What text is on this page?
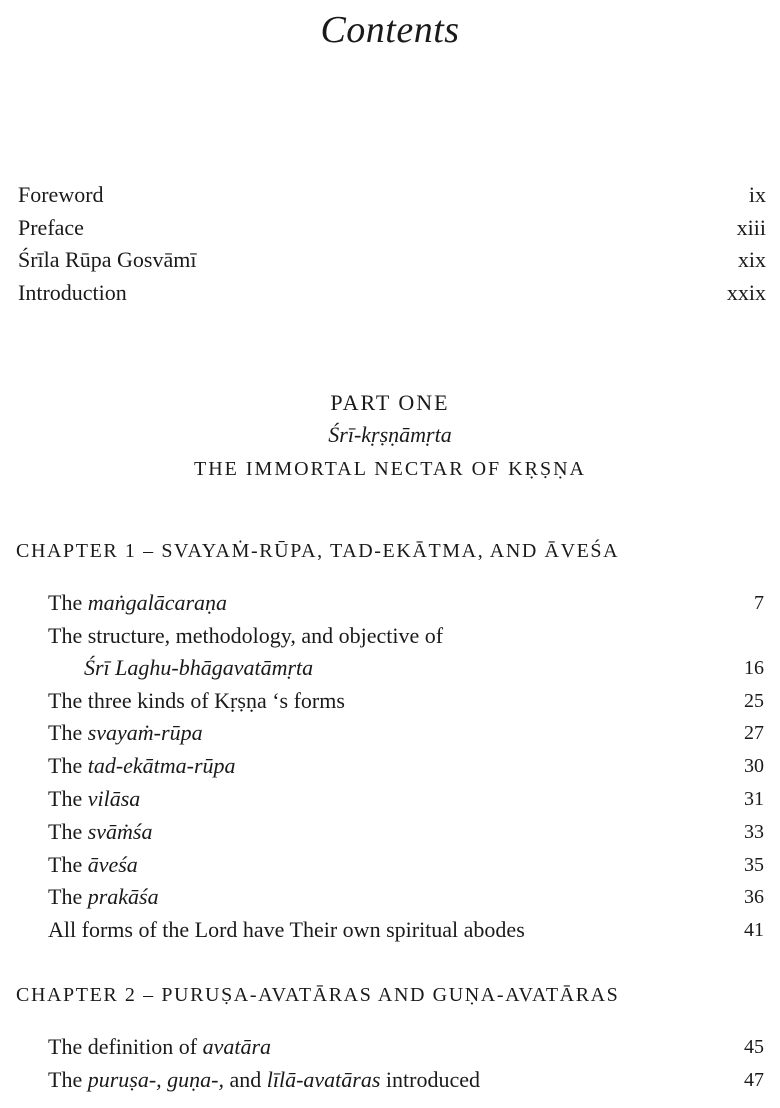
Contents
Foreword	ix
Preface	xiii
Śrīla Rūpa Gosvāmī	xix
Introduction	xxix
PART ONE
Śrī-kṛṣṇāmṛta
THE IMMORTAL NECTAR OF KṚṢṆA
CHAPTER 1 – SVAYAṀ-RŪPA, TAD-EKĀTMA, AND ĀVEŚA
The maṅgalācaraṇa	7
The structure, methodology, and objective of
Śrī Laghu-bhāgavatāmṛta	16
The three kinds of Kṛṣṇa ‘s forms	25
The svayaṁ-rūpa	27
The tad-ekātma-rūpa	30
The vilāsa	31
The svāṁśa	33
The āveśa	35
The prakāśa	36
All forms of the Lord have Their own spiritual abodes	41
CHAPTER 2 – PURUṢA-AVATĀRAS AND GUṆA-AVATĀRAS
The definition of avatāra	45
The puruṣa-, guṇa-, and līlā-avatāras introduced	47
